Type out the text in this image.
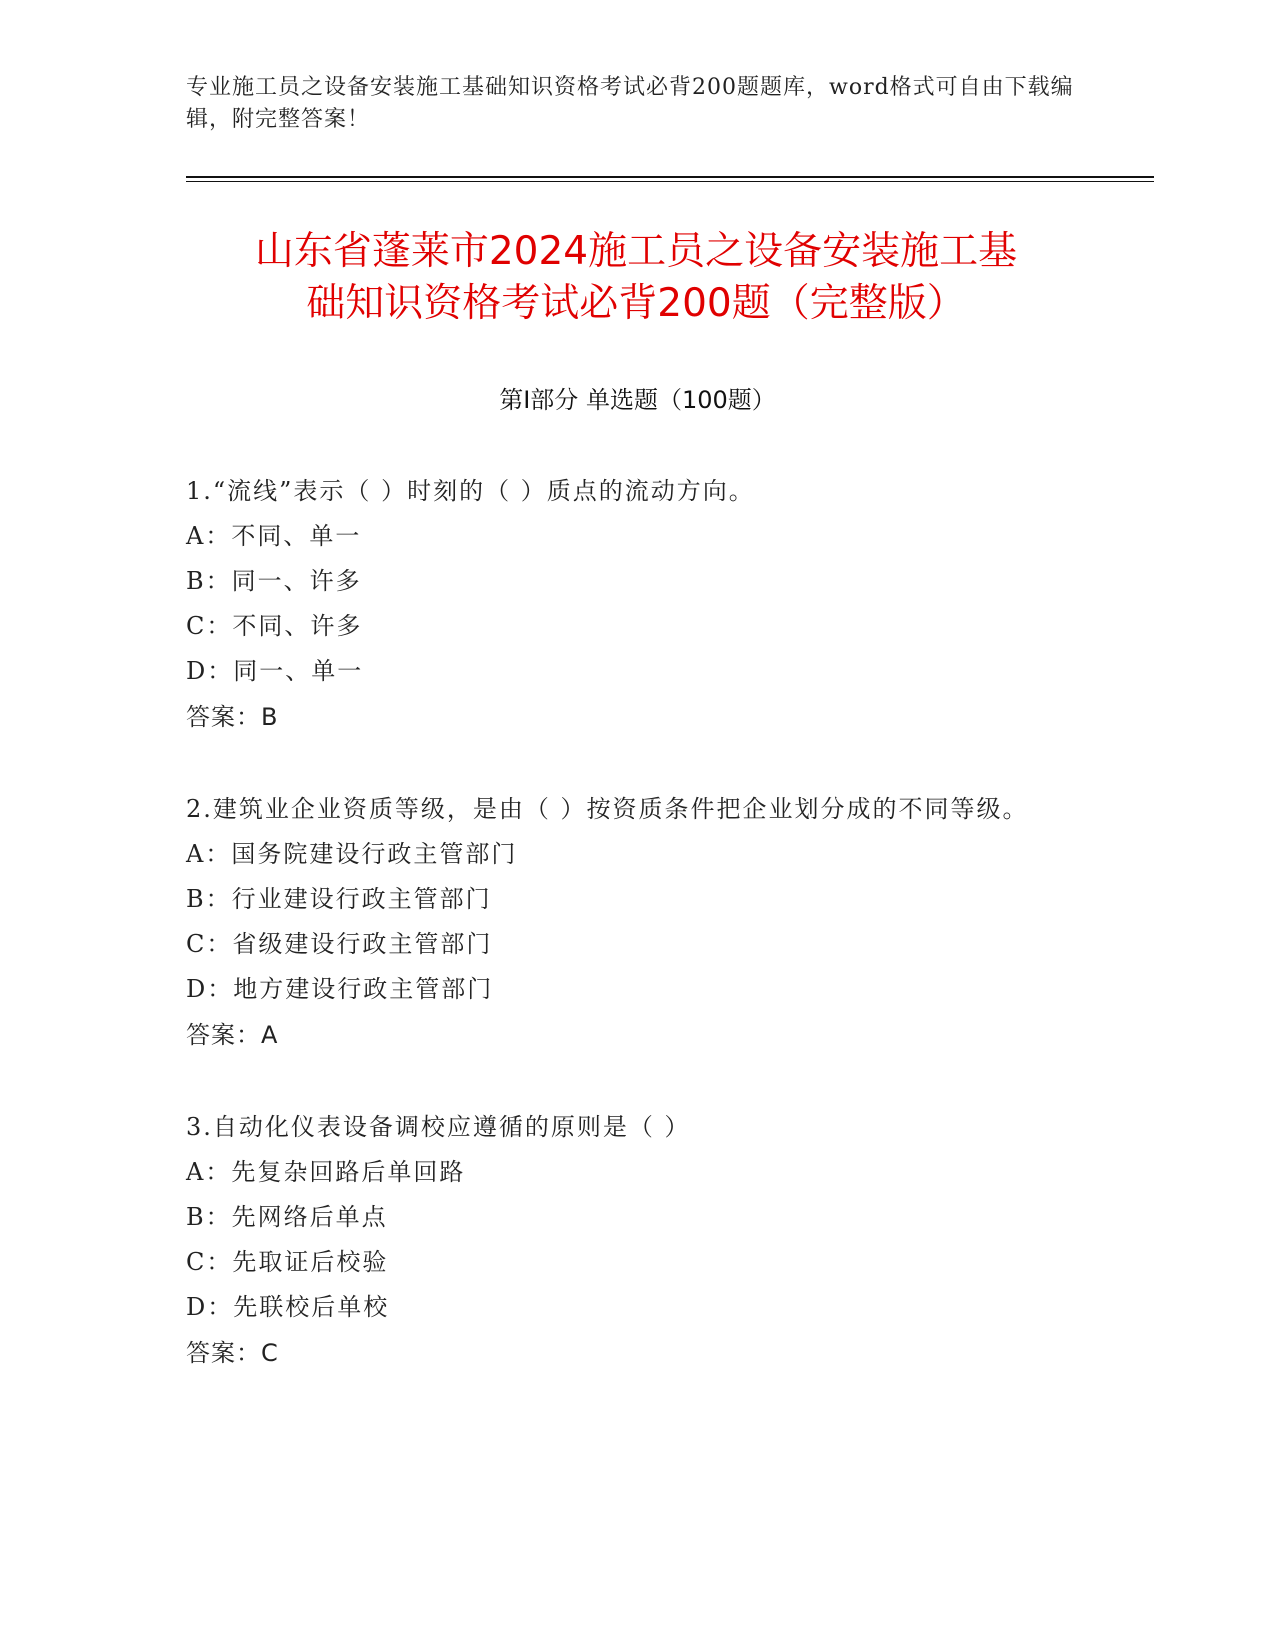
专业施工员之设备安装施工基础知识资格考试必背200题题库，word格式可自由下载编辑，附完整答案！
山东省蓬莱市2024施工员之设备安装施工基
础知识资格考试必背200题（完整版）
第Ⅰ部分 单选题（100题）

1.“流线”表示（ ）时刻的（ ）质点的流动方向。

A：不同、单一

B：同一、许多

C：不同、许多

D：同一、单一

答案：B

2.建筑业企业资质等级，是由（ ）按资质条件把企业划分成的不同等级。

A：国务院建设行政主管部门

B：行业建设行政主管部门

C：省级建设行政主管部门

D：地方建设行政主管部门

答案：A

3.自动化仪表设备调校应遵循的原则是（ ）

A：先复杂回路后单回路

B：先网络后单点

C：先取证后校验

D：先联校后单校

答案：C
